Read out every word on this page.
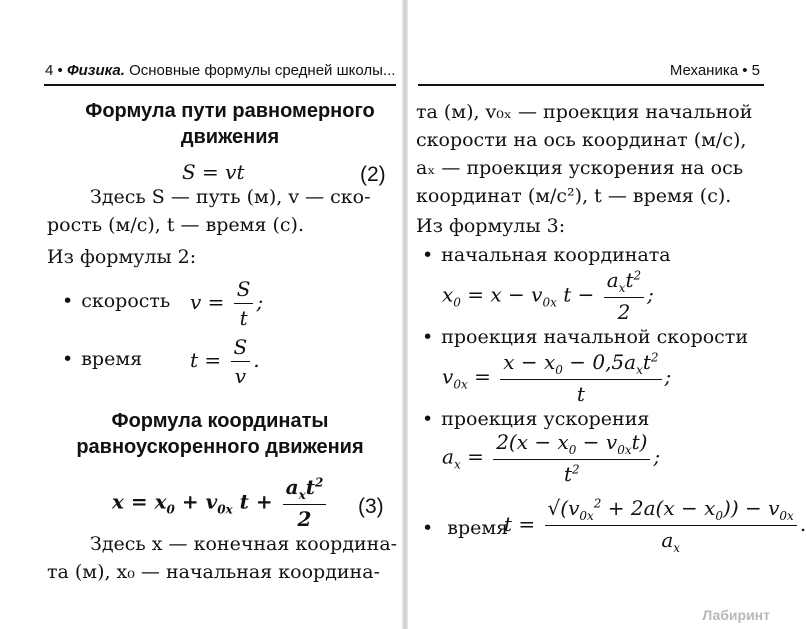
4 • Физика. Основные формулы средней школы...
Формула пути равномерного движения
S = vt	(2)
Здесь S — путь (м), v — ско-
рость (м/с), t — время (с).
Из формулы 2:
• скорость $v = \frac{S}{t}$ ;
• время $t = \frac{S}{v}$ .
Формула координаты равноускоренного движения
$x = x_0 + v_{0x}$ $t + \frac{a_xt^2}{2} (3)$
Здесь x — конечная координа-
та (м), x₀ — начальная координа-
Механика • 5
та (м), v₀ₓ — проекция начальной
скорости на ось координат (м/с),
aₓ — проекция ускорения на ось
координат (м/с²), t — время (с).
Из формулы 3:
• начальная координата
$x_0 = x - v_{0x}$ $t - \frac{a_xt^2}{2}$ ;
• проекция начальной скорости
$v_{0x} = \frac{x - x_0 - 0,5a_xt^2}{t}$ ;
• проекция ускорения
$a_x = \frac{2(x - x_0 - v_{0x}t)}{t^2}$ ;
• время
$t = \frac{√(v_{0x}^2 + 2a(x - x_0)) - v_{0x}}{a_x}$ .
Лабиринт
